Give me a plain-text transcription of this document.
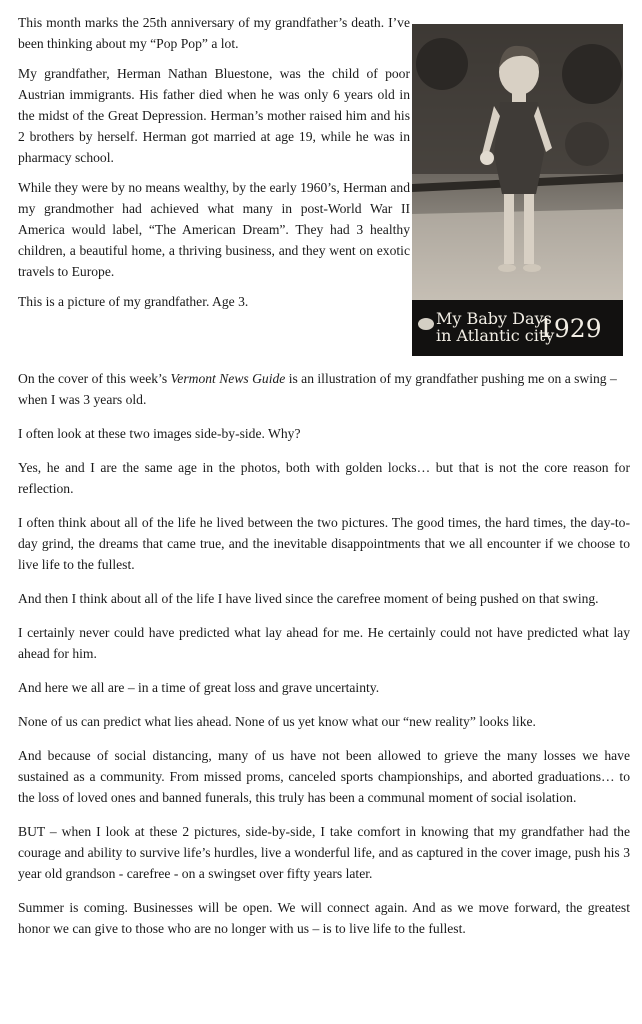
This month marks the 25th anniversary of my grandfather’s death. I’ve been thinking about my “Pop Pop” a lot.

My grandfather, Herman Nathan Bluestone, was the child of poor Austrian immigrants. His father died when he was only 6 years old in the midst of the Great Depression. Herman’s mother raised him and his 2 brothers by herself. Herman got married at age 19, while he was in pharmacy school.

While they were by no means wealthy, by the early 1960’s, Herman and my grandmother had achieved what many in post-World War II America would label, “The American Dream”. They had 3 healthy children, a beautiful home, a thriving business, and they went on exotic travels to Europe.

This is a picture of my grandfather. Age 3.

My Baby Days
in Atlantic city
1929

On the cover of this week’s Vermont News Guide is an illustration of my grandfather pushing me on a swing – when I was 3 years old.

I often look at these two images side-by-side. Why?

Yes, he and I are the same age in the photos, both with golden locks… but that is not the core reason for reflection.

I often think about all of the life he lived between the two pictures. The good times, the hard times, the day-to-day grind, the dreams that came true, and the inevitable disappointments that we all encounter if we choose to live life to the fullest.

And then I think about all of the life I have lived since the carefree moment of being pushed on that swing.

I certainly never could have predicted what lay ahead for me. He certainly could not have predicted what lay ahead for him.

And here we all are – in a time of great loss and grave uncertainty.

None of us can predict what lies ahead. None of us yet know what our “new reality” looks like.

And because of social distancing, many of us have not been allowed to grieve the many losses we have sustained as a community. From missed proms, canceled sports championships, and aborted graduations… to the loss of loved ones and banned funerals, this truly has been a communal moment of social isolation.

BUT – when I look at these 2 pictures, side-by-side, I take comfort in knowing that my grandfather had the courage and ability to survive life’s hurdles, live a wonderful life, and as captured in the cover image, push his 3 year old grandson - carefree - on a swingset over fifty years later.

Summer is coming. Businesses will be open. We will connect again. And as we move forward, the greatest honor we can give to those who are no longer with us – is to live life to the fullest.
